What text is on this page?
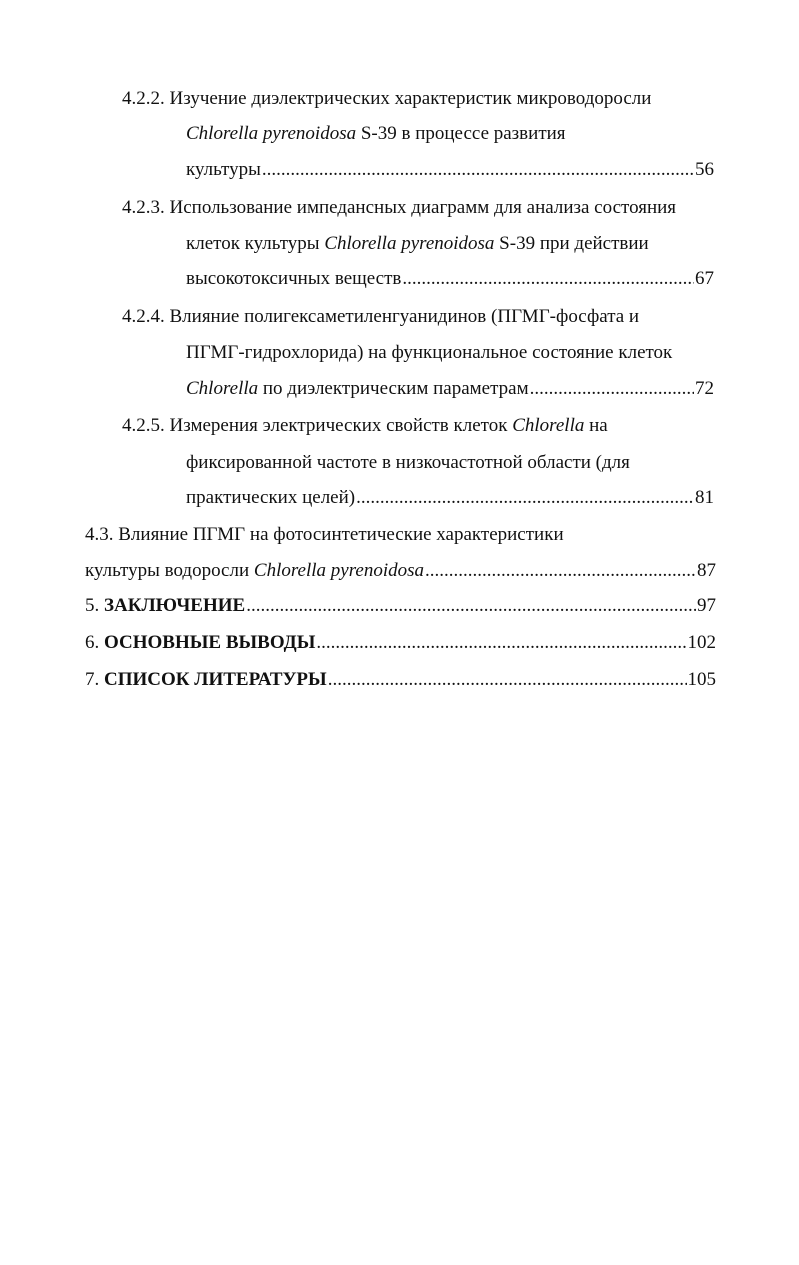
4.2.2. Изучение диэлектрических характеристик микроводоросли
Chlorella pyrenoidosa S-39 в процессе развития
культуры .....	56
4.2.3. Использование импедансных диаграмм для анализа состояния
клеток культуры Chlorella pyrenoidosa S-39 при действии
высокотоксичных веществ .....	67
4.2.4. Влияние полигексаметиленгуанидинов (ПГМГ-фосфата и
ПГМГ-гидрохлорида) на функциональное состояние клеток
Chlorella по диэлектрическим параметрам .....	72
4.2.5. Измерения электрических свойств клеток Chlorella на
фиксированной частоте в низкочастотной области (для
практических целей) .....	81
4.3. Влияние ПГМГ на фотосинтетические характеристики
культуры водоросли Chlorella pyrenoidosa .....	87
5. ЗАКЛЮЧЕНИЕ .....	97
6. ОСНОВНЫЕ ВЫВОДЫ .....	102
7. СПИСОК ЛИТЕРАТУРЫ .....	105
